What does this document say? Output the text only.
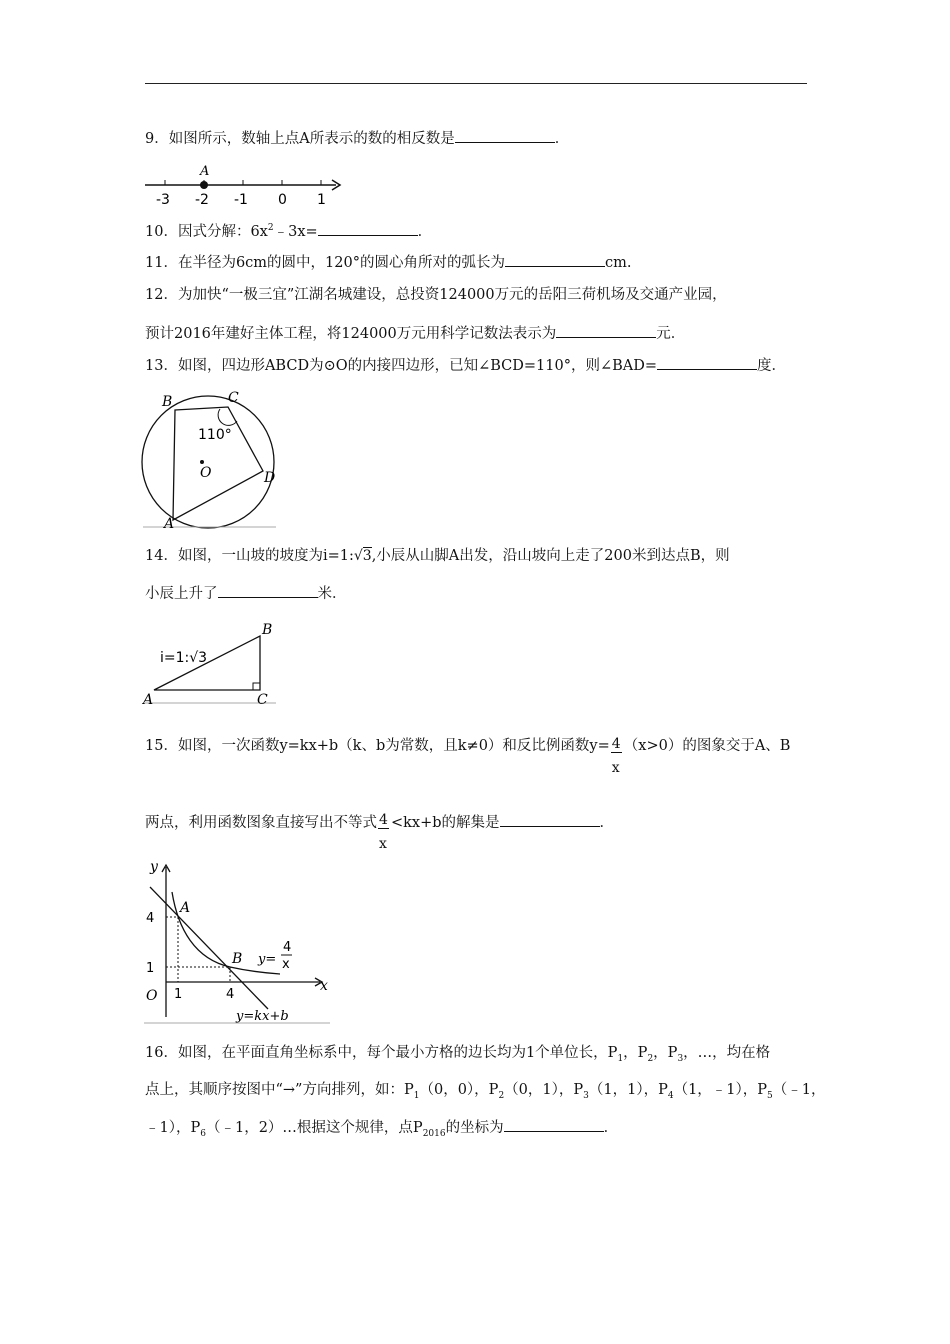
9．如图所示，数轴上点A所表示的数的相反数是	．
A
-3 -2 -1 0 1
10．因式分解：$6x^2﹣3x=$	．
11．在半径为6cm的圆中，120°的圆心角所对的弧长为	cm.
12．为加快“一极三宜”江湖名城建设，总投资124000万元的岳阳三荷机场及交通产业园，
预计2016年建好主体工程，将124000万元用科学记数法表示为	元．
13．如图，四边形ABCD为⊙O的内接四边形，已知∠BCD=110°，则∠BAD=	度．
B	C
D
A
O
110°
14．如图，一山坡的坡度为i=1:√3,小辰从山脚A出发，沿山坡向上走了200米到达点B，则
小辰上升了	米．
A
B
C
i=1:√3
15．如图，一次函数y=kx+b（k、b为常数，且k≠0）和反比例函数$y= \frac{4}{x} (x>0)$的图象交于A、B
两点，利用函数图象直接写出不等式 $\frac{4}{x} <kx+b$的解集是	．
y
x
O
4
1
1	4
A
B y=
4
x
y=kx+b
16．如图，在平面直角坐标系中，每个最小方格的边长均为1个单位长，$P_1$，$P_2$，$P_3$，…，均在格
点上，其顺序按图中“→”方向排列，如：$P_1(0$，0），$P_2(0$，1），$P_3(1$，1），$P_4(1$，﹣1），$P_5(﹣1$，
﹣1），$P_6(﹣1$，2）…根据这个规律，点$P_{2016}$的坐标为	．
